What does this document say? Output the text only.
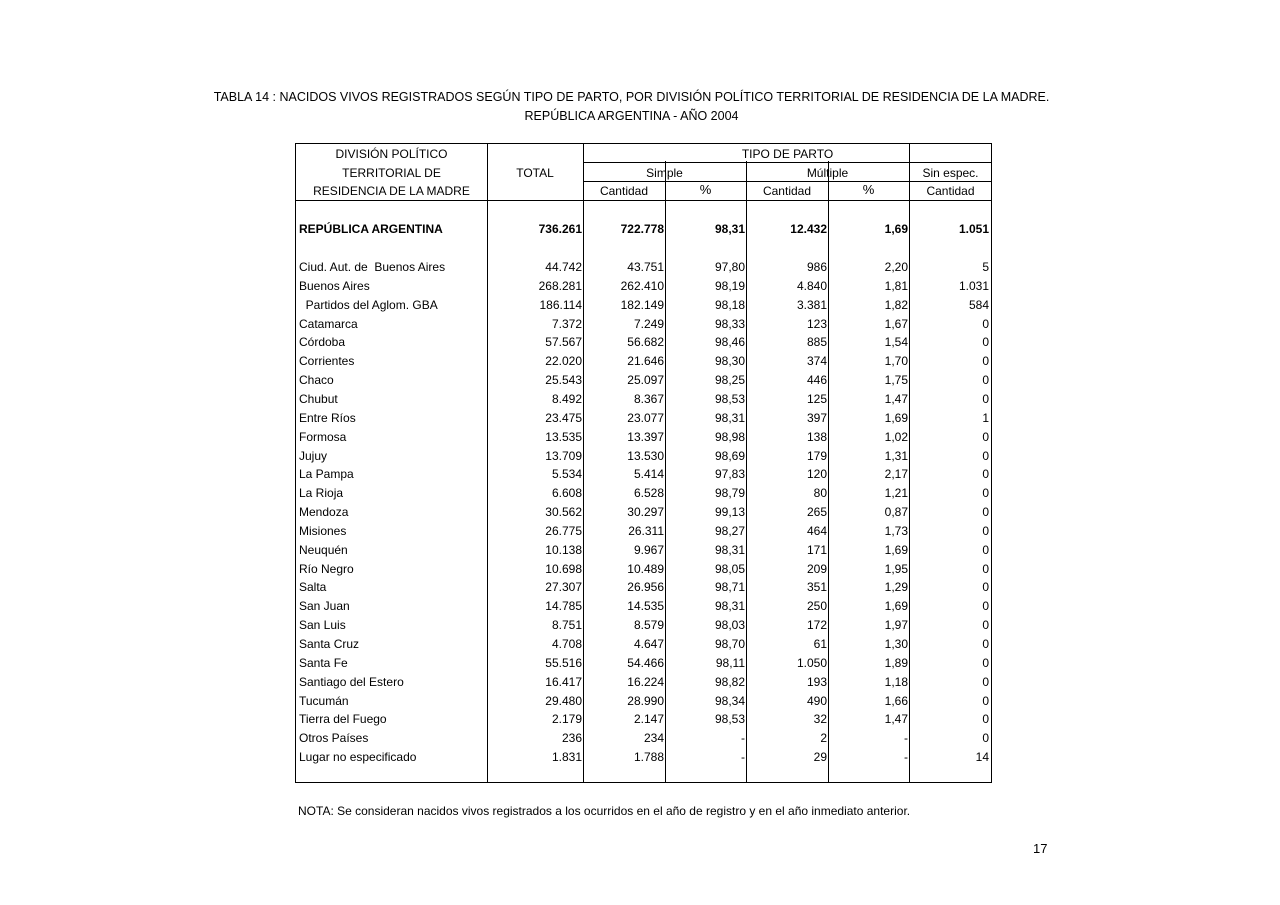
TABLA 14 : NACIDOS VIVOS REGISTRADOS SEGÚN TIPO DE PARTO, POR DIVISIÓN POLÍTICO TERRITORIAL DE RESIDENCIA DE LA MADRE.
REPÚBLICA ARGENTINA - AÑO 2004
DIVISIÓN POLÍTICO
TERRITORIAL DE
RESIDENCIA DE LA MADRE
TOTAL
TIPO DE PARTO
Simple	Múltiple	Sin espec.
Cantidad	%	Cantidad	%	Cantidad
REPÚBLICA ARGENTINA	736.261	722.778	98,31	12.432	1,69	1.051
Ciud. Aut. de  Buenos Aires	44.742	43.751	97,80	986	2,20	5
Buenos Aires	268.281	262.410	98,19	4.840	1,81	1.031
Partidos del Aglom. GBA	186.114	182.149	98,18	3.381	1,82	584
Catamarca	7.372	7.249	98,33	123	1,67	0
Córdoba	57.567	56.682	98,46	885	1,54	0
Corrientes	22.020	21.646	98,30	374	1,70	0
Chaco	25.543	25.097	98,25	446	1,75	0
Chubut	8.492	8.367	98,53	125	1,47	0
Entre Ríos	23.475	23.077	98,31	397	1,69	1
Formosa	13.535	13.397	98,98	138	1,02	0
Jujuy	13.709	13.530	98,69	179	1,31	0
La Pampa	5.534	5.414	97,83	120	2,17	0
La Rioja	6.608	6.528	98,79	80	1,21	0
Mendoza	30.562	30.297	99,13	265	0,87	0
Misiones	26.775	26.311	98,27	464	1,73	0
Neuquén	10.138	9.967	98,31	171	1,69	0
Río Negro	10.698	10.489	98,05	209	1,95	0
Salta	27.307	26.956	98,71	351	1,29	0
San Juan	14.785	14.535	98,31	250	1,69	0
San Luis	8.751	8.579	98,03	172	1,97	0
Santa Cruz	4.708	4.647	98,70	61	1,30	0
Santa Fe	55.516	54.466	98,11	1.050	1,89	0
Santiago del Estero	16.417	16.224	98,82	193	1,18	0
Tucumán	29.480	28.990	98,34	490	1,66	0
Tierra del Fuego	2.179	2.147	98,53	32	1,47	0
Otros Países	236	234	-	2	-	0
Lugar no especificado	1.831	1.788	-	29	-	14
NOTA: Se consideran nacidos vivos registrados a los ocurridos en el año de registro y en el año inmediato anterior.
17
